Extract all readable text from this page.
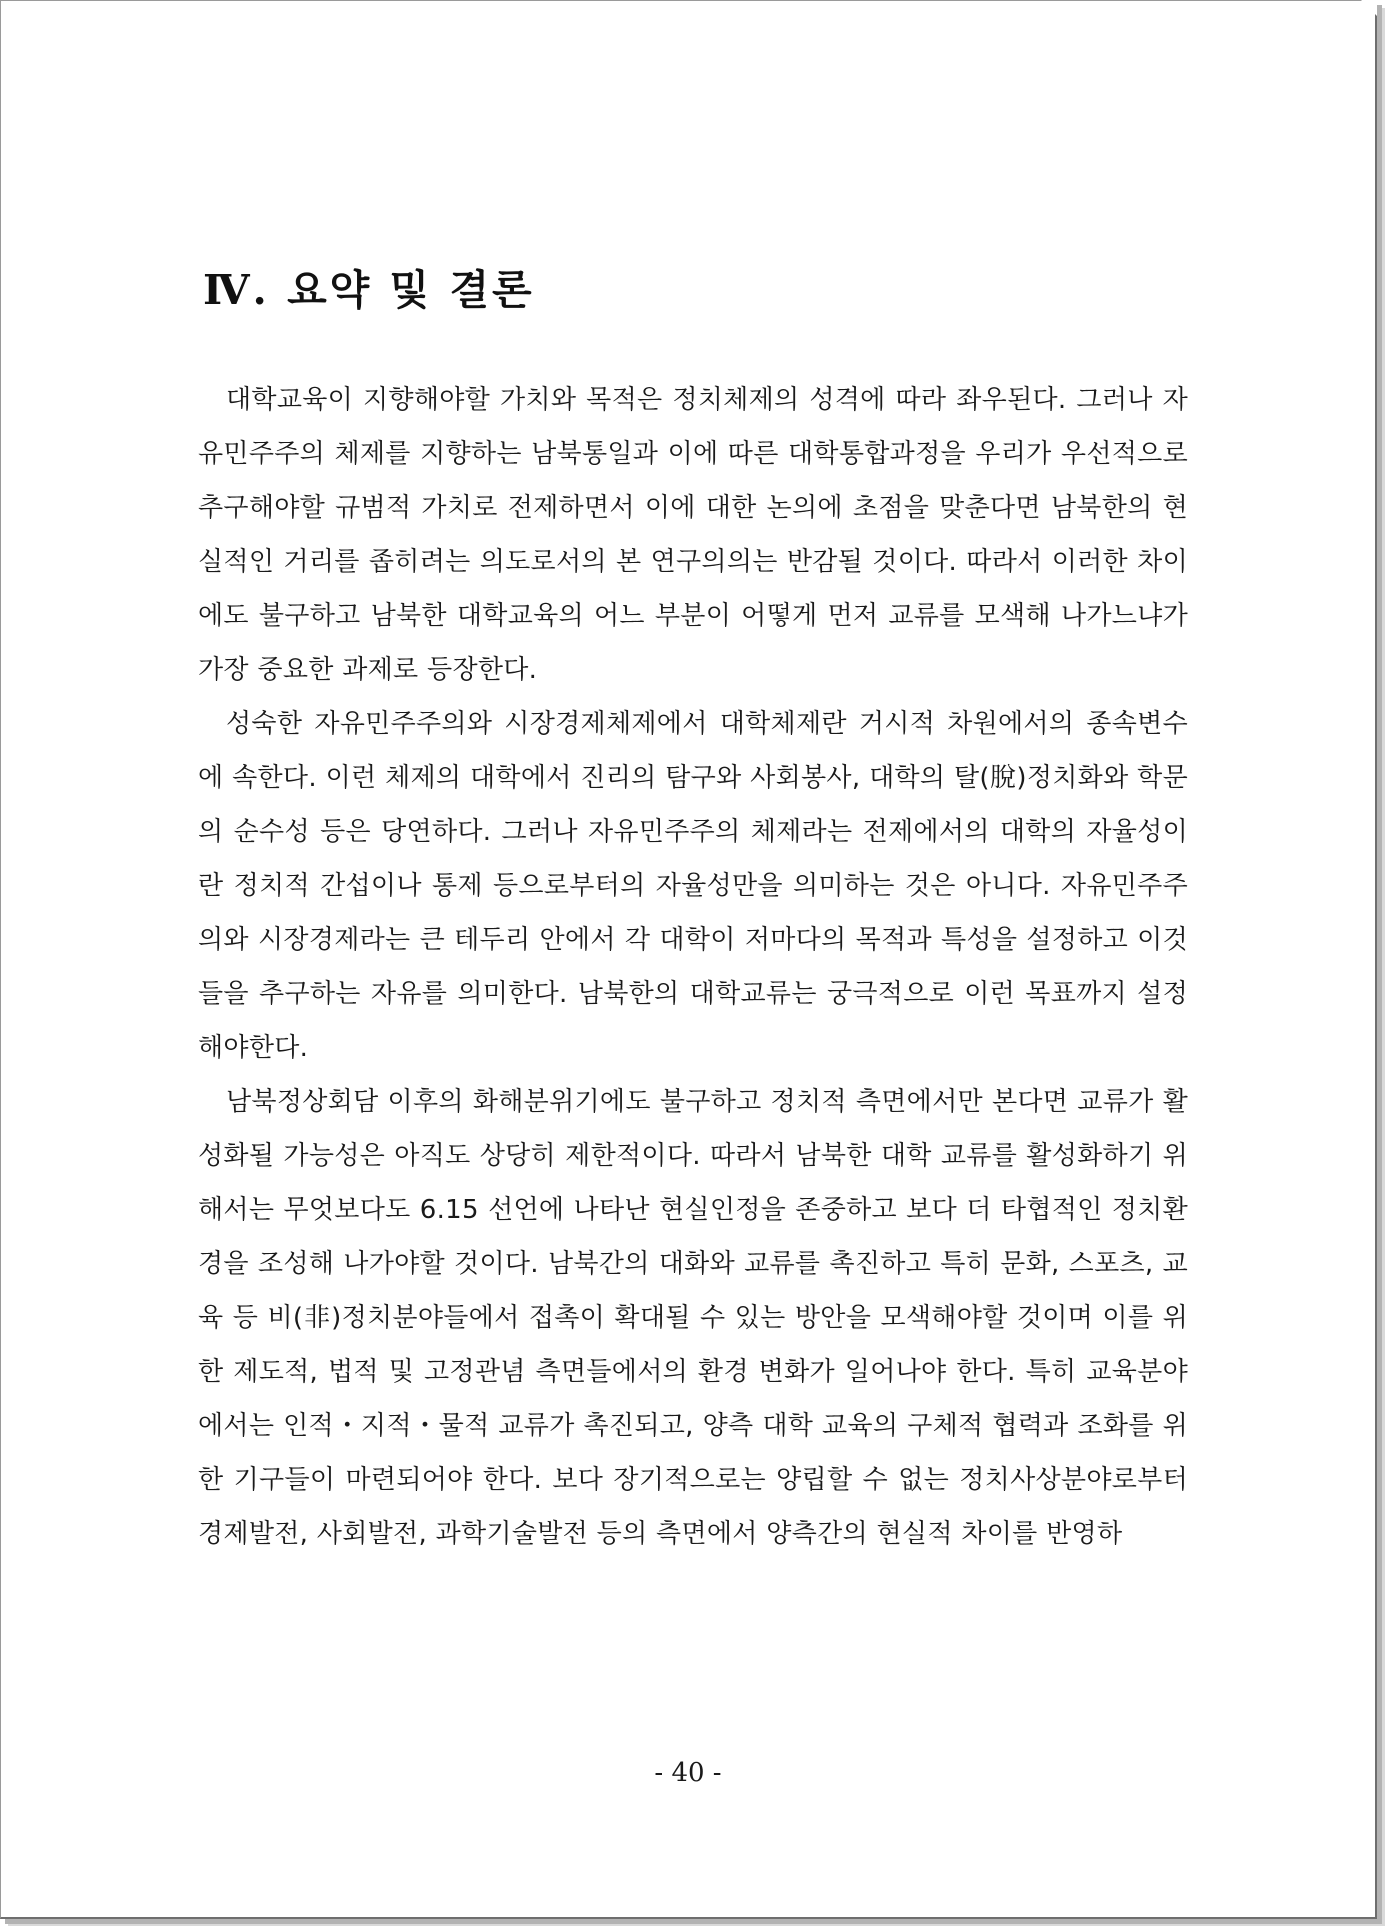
Ⅳ. 요약 및 결론

대학교육이 지향해야할 가치와 목적은 정치체제의 성격에 따라 좌우된다. 그러나 자유민주주의 체제를 지향하는 남북통일과 이에 따른 대학통합과정을 우리가 우선적으로 추구해야할 규범적 가치로 전제하면서 이에 대한 논의에 초점을 맞춘다면 남북한의 현실적인 거리를 좁히려는 의도로서의 본 연구의의는 반감될 것이다. 따라서 이러한 차이에도 불구하고 남북한 대학교육의 어느 부분이 어떻게 먼저 교류를 모색해 나가느냐가 가장 중요한 과제로 등장한다.

성숙한 자유민주주의와 시장경제체제에서 대학체제란 거시적 차원에서의 종속변수에 속한다. 이런 체제의 대학에서 진리의 탐구와 사회봉사, 대학의 탈(脫)정치화와 학문의 순수성 등은 당연하다. 그러나 자유민주주의 체제라는 전제에서의 대학의 자율성이란 정치적 간섭이나 통제 등으로부터의 자율성만을 의미하는 것은 아니다. 자유민주주의와 시장경제라는 큰 테두리 안에서 각 대학이 저마다의 목적과 특성을 설정하고 이것들을 추구하는 자유를 의미한다. 남북한의 대학교류는 궁극적으로 이런 목표까지 설정해야한다.

남북정상회담 이후의 화해분위기에도 불구하고 정치적 측면에서만 본다면 교류가 활성화될 가능성은 아직도 상당히 제한적이다. 따라서 남북한 대학 교류를 활성화하기 위해서는 무엇보다도 6.15 선언에 나타난 현실인정을 존중하고 보다 더 타협적인 정치환경을 조성해 나가야할 것이다. 남북간의 대화와 교류를 촉진하고 특히 문화, 스포츠, 교육 등 비(非)정치분야들에서 접촉이 확대될 수 있는 방안을 모색해야할 것이며 이를 위한 제도적, 법적 및 고정관념 측면들에서의 환경 변화가 일어나야 한다. 특히 교육분야에서는 인적・지적・물적 교류가 촉진되고, 양측 대학 교육의 구체적 협력과 조화를 위한 기구들이 마련되어야 한다. 보다 장기적으로는 양립할 수 없는 정치사상분야로부터 경제발전, 사회발전, 과학기술발전 등의 측면에서 양측간의 현실적 차이를 반영하

- 40 -
